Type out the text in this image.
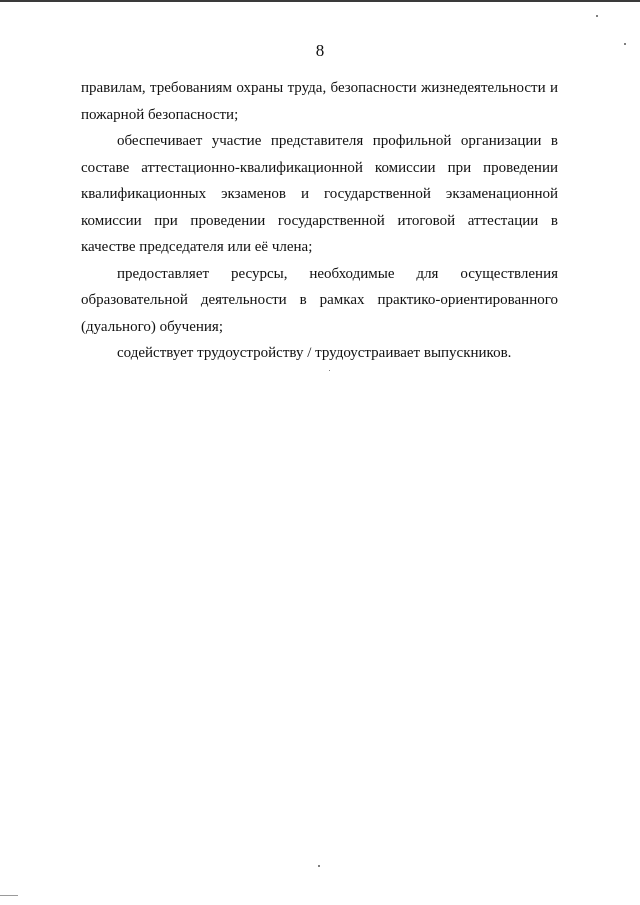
8

правилам, требованиям охраны труда, безопасности жизнедеятельности и пожарной безопасности;

обеспечивает участие представителя профильной организации в составе аттестационно-квалификационной комиссии при проведении квалификационных экзаменов и государственной экзаменационной комиссии при проведении государственной итоговой аттестации в качестве председателя или её члена;

предоставляет ресурсы, необходимые для осуществления образовательной деятельности в рамках практико-ориентированного (дуального) обучения;

содействует трудоустройству / трудоустраивает выпускников.
